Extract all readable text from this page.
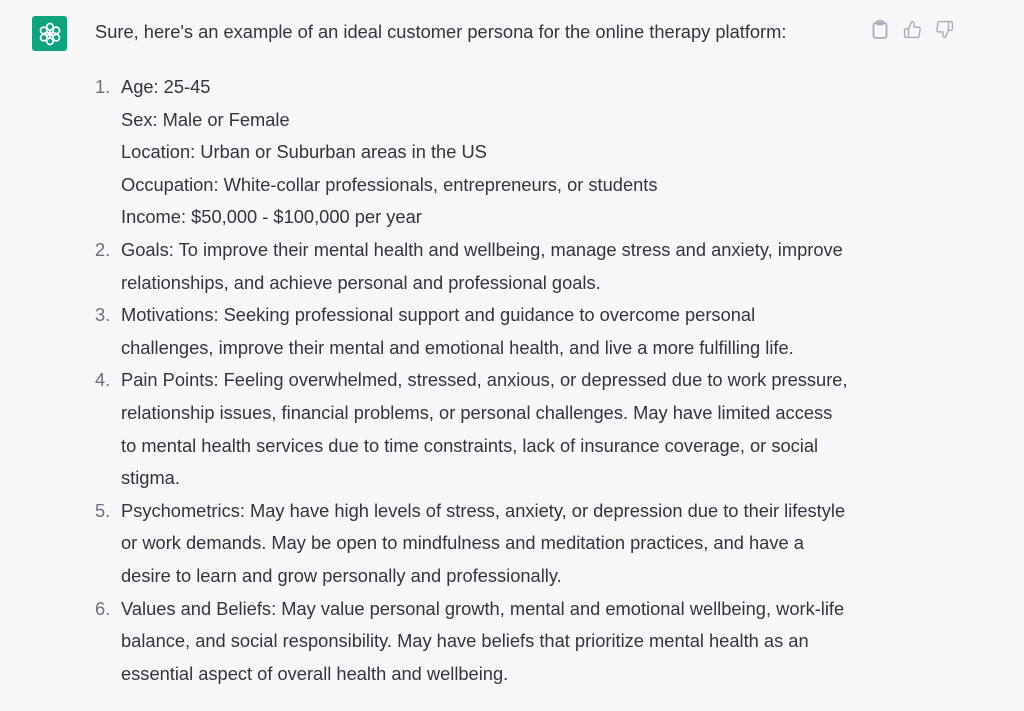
Sure, here's an example of an ideal customer persona for the online therapy platform:

1. Age: 25-45
Sex: Male or Female
Location: Urban or Suburban areas in the US
Occupation: White-collar professionals, entrepreneurs, or students
Income: $50,000 - $100,000 per year
2. Goals: To improve their mental health and wellbeing, manage stress and anxiety, improve
relationships, and achieve personal and professional goals.
3. Motivations: Seeking professional support and guidance to overcome personal
challenges, improve their mental and emotional health, and live a more fulfilling life.
4. Pain Points: Feeling overwhelmed, stressed, anxious, or depressed due to work pressure,
relationship issues, financial problems, or personal challenges. May have limited access
to mental health services due to time constraints, lack of insurance coverage, or social
stigma.
5. Psychometrics: May have high levels of stress, anxiety, or depression due to their lifestyle
or work demands. May be open to mindfulness and meditation practices, and have a
desire to learn and grow personally and professionally.
6. Values and Beliefs: May value personal growth, mental and emotional wellbeing, work-life
balance, and social responsibility. May have beliefs that prioritize mental health as an
essential aspect of overall health and wellbeing.
